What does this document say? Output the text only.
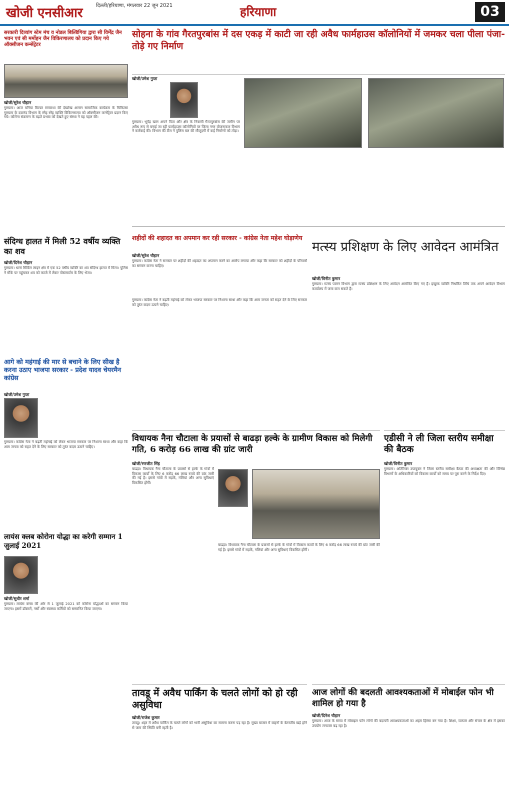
खोजी एनसीआर	दिल्ली/हरियाणा, मंगलवार 22 जून 2021	हरियाणा	03
सरकारी दिव्यांग स्टेम मंच व नोडल बिल्डिंगिया द्वारा सी विर्मेंद्र जैन भवन एवं सी मर्मोहन जैन विकिरणालय को प्रदान किए गये ऑक्सीजन कन्सेंट्रेटर
खोजी/सुरेश चौहान
गुरुग्राम। आज बनिया बिल्डर रामकथा की देखरेख अरबन सामाजिक कार्यक्रम के चिकित्सा गुरुग्राम के दयानंद विभाग के स्नेह स्नेह व्यक्ति विकिरणालय को ऑक्सीजन कन्सेंट्रेटर प्रदान किए गये। कोरोना संक्रमण के बढ़ते प्रभाव को देखते हुए संस्था ने यह पहल की।
सोहना के गांव गैरतपुरबांस में दस एकड़ में काटी जा रही अवैध फार्महाउस कॉलोनियों में जमकर चला पीला पंजा-तोड़े गए निर्माण
खोजी/उमेश गुप्ता
गुरुग्राम। भूपेंद्र खान अपने पिता और क्षेत्र के निवासी गैरतपुरबांस की जमीन पर अवैध रूप से बनाई जा रही फार्महाउस कॉलोनियों पर जिला नगर योजनाकार विभाग ने कार्रवाई की। विभाग की टीम ने पुलिस बल की मौजूदगी में कई निर्माणों को तोड़ा।
शहीदों की शहादत का अपमान कर रही सरकार - कांग्रेस नेता महेश घोड़ाणेय
खोजी/सुरेश चौहान
गुरुग्राम। कांग्रेस नेता ने सरकार पर शहीदों की शहादत का अपमान करने का आरोप लगाया और कहा कि सरकार को शहीदों के परिवारों का सम्मान करना चाहिए।
मत्स्य प्रशिक्षण के लिए आवेदन आमंत्रित
खोजी/विनीत कुमार
गुरुग्राम। मत्स्य पालन विभाग द्वारा मत्स्य प्रशिक्षण के लिए आवेदन आमंत्रित किए गए हैं। इच्छुक व्यक्ति निर्धारित तिथि तक अपने आवेदन विभाग कार्यालय में जमा करा सकते हैं।
संदिग्ध हालत में मिली 52 वर्षीय व्यक्ति का शव
खोजी/दिनेश चौहान
गुरुग्राम। थाना सिविल लाइन क्षेत्र में एक 52 वर्षीय व्यक्ति का शव संदिग्ध हालत में मिला। पुलिस ने मौके पर पहुंचकर शव को कब्जे में लेकर पोस्टमार्टम के लिए भेजा।
आगे को महंगाई की मार से बचाने के लिए सीख है करना उठाए भाजपा सरकार - प्रदेश यादव चेयरमैन कांग्रेस
खोजी/उमेश गुप्ता
गुरुग्राम। कांग्रेस नेता ने बढ़ती महंगाई को लेकर भाजपा सरकार पर निशाना साधा और कहा कि आम जनता को राहत देने के लिए सरकार को तुरंत कदम उठाने चाहिए।
लायंस क्लब कोरोना योद्धा का करेगी सम्मान 1 जुलाई 2021
खोजी/सुधीर शर्मा
गुरुग्राम। लायंस क्लब की ओर से 1 जुलाई 2021 को कोरोना योद्धाओं का सम्मान किया जाएगा। इसमें डॉक्टरों, नर्सों और स्वास्थ्य कर्मियों को सम्मानित किया जाएगा।
गुरुग्राम। कांग्रेस नेता ने बढ़ती महंगाई को लेकर भाजपा सरकार पर निशाना साधा और कहा कि आम जनता को राहत देने के लिए सरकार को तुरंत कदम उठाने चाहिए।
विधायक नैना चौटाला के प्रयासों से बाढड़ा हल्के के ग्रामीण विकास को मिलेगी गति, 6 करोड़ 66 लाख की ग्रांट जारी
खोजी/रणजीत सिंह
बाढड़ा। विधायक नैना चौटाला के प्रयासों से हल्के के गांवों में विकास कार्यों के लिए 6 करोड़ 66 लाख रुपये की ग्रांट जारी की गई है। इससे गांवों में सड़कें, गलियां और अन्य सुविधाएं विकसित होंगी।
बाढड़ा। विधायक नैना चौटाला के प्रयासों से हल्के के गांवों में विकास कार्यों के लिए 6 करोड़ 66 लाख रुपये की ग्रांट जारी की गई है। इससे गांवों में सड़कें, गलियां और अन्य सुविधाएं विकसित होंगी।
एडीसी ने ली जिला स्तरीय समीक्षा की बैठक
खोजी/विनीत कुमार
गुरुग्राम। अतिरिक्त उपायुक्त ने जिला स्तरीय समीक्षा बैठक की अध्यक्षता की और विभिन्न विभागों के अधिकारियों को विकास कार्यों को समय पर पूरा करने के निर्देश दिए।
तावडू में अवैध पार्किंग के चलते लोगों को हो रही असुविधा
खोजी/राजेश कुमार
तावडू। शहर में अवैध पार्किंग के चलते लोगों को भारी असुविधा का सामना करना पड़ रहा है। मुख्य बाजार में वाहनों के बेतरतीब खड़े होने से जाम की स्थिति बनी रहती है।
आज लोगों की बदलती आवश्यकताओं में मोबाईल फोन भी शामिल हो गया है
खोजी/दिनेश चौहान
गुरुग्राम। आज के समय में मोबाइल फोन लोगों की बदलती आवश्यकताओं का अहम हिस्सा बन गया है। शिक्षा, व्यापार और संचार के क्षेत्र में इसका उपयोग लगातार बढ़ रहा है।
